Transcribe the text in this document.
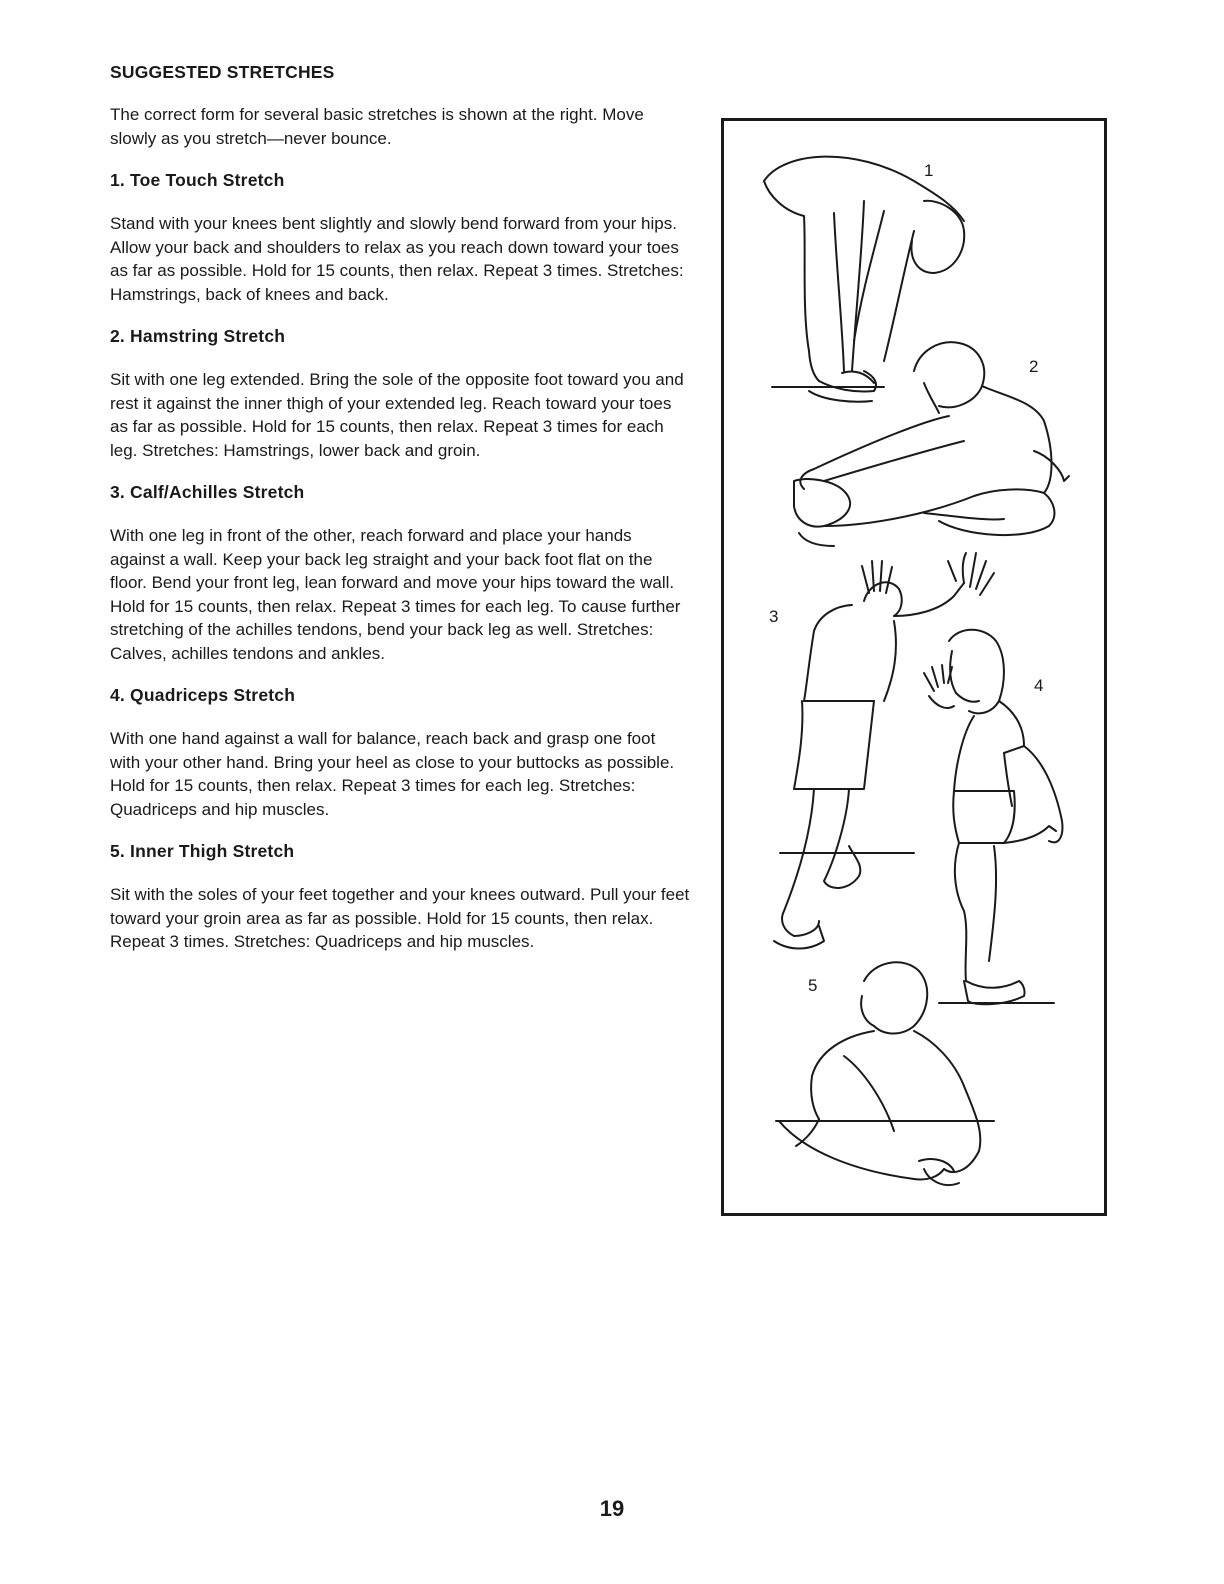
SUGGESTED STRETCHES
The correct form for several basic stretches is shown at the right. Move slowly as you stretch—never bounce.
1. Toe Touch Stretch
Stand with your knees bent slightly and slowly bend forward from your hips. Allow your back and shoulders to relax as you reach down toward your toes as far as possible. Hold for 15 counts, then relax. Repeat 3 times. Stretches: Hamstrings, back of knees and back.
2. Hamstring Stretch
Sit with one leg extended. Bring the sole of the opposite foot toward you and rest it against the inner thigh of your extended leg. Reach toward your toes as far as possible. Hold for 15 counts, then relax. Repeat 3 times for each leg. Stretches: Hamstrings, lower back and groin.
3. Calf/Achilles Stretch
With one leg in front of the other, reach forward and place your hands against a wall. Keep your back leg straight and your back foot flat on the floor. Bend your front leg, lean forward and move your hips toward the wall. Hold for 15 counts, then relax. Repeat 3 times for each leg. To cause further stretching of the achilles tendons, bend your back leg as well. Stretches: Calves, achilles tendons and ankles.
4. Quadriceps Stretch
With one hand against a wall for balance, reach back and grasp one foot with your other hand. Bring your heel as close to your buttocks as possible. Hold for 15 counts, then relax. Repeat 3 times for each leg. Stretches: Quadriceps and hip muscles.
5. Inner Thigh Stretch
Sit with the soles of your feet together and your knees outward. Pull your feet toward your groin area as far as possible. Hold for 15 counts, then relax. Repeat 3 times. Stretches: Quadriceps and hip muscles.
2
3
4
5
1
19
